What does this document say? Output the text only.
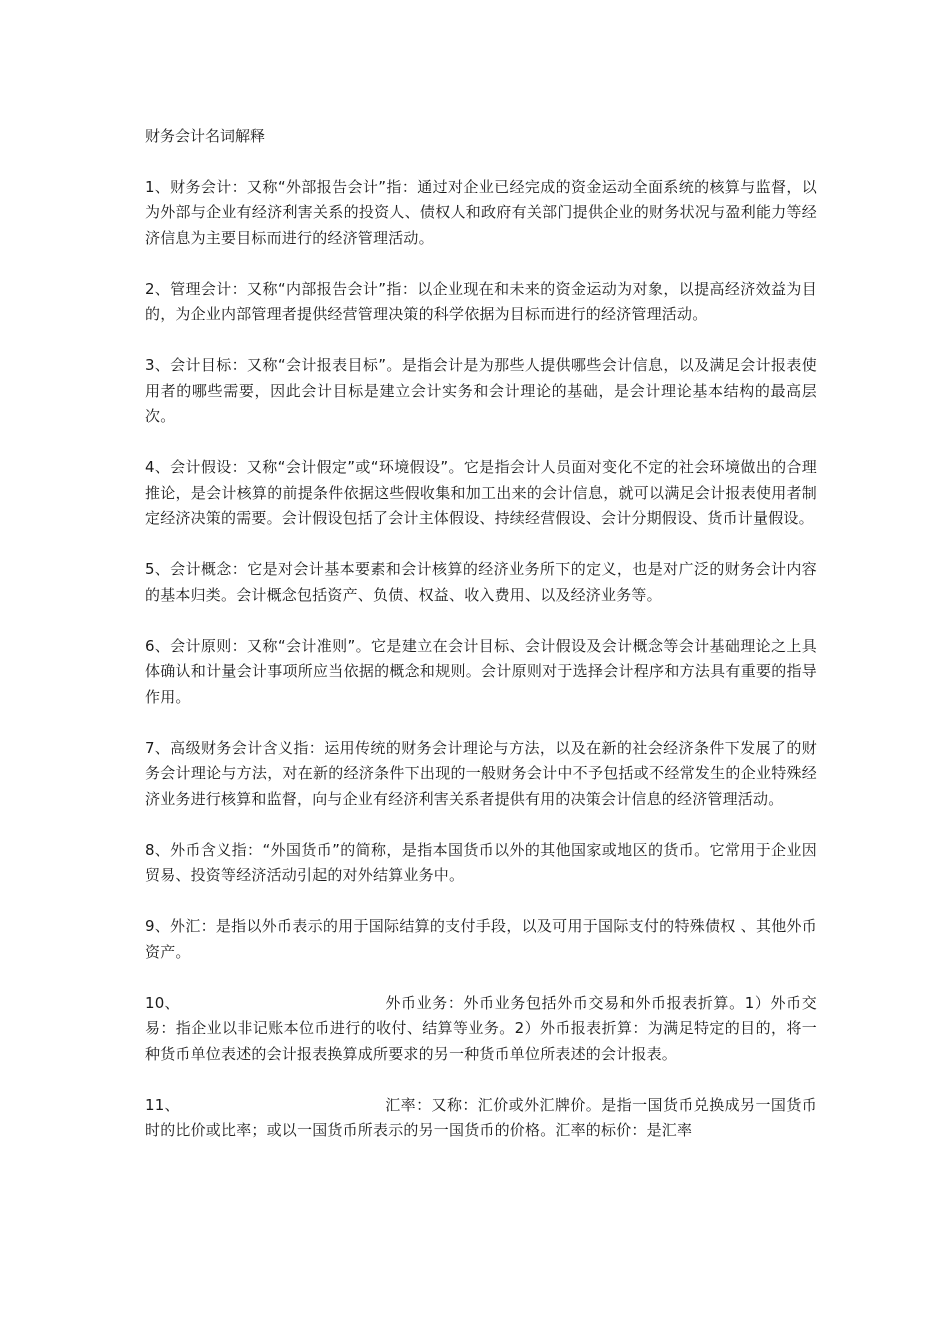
财务会计名词解释

1、财务会计：又称“外部报告会计”指：通过对企业已经完成的资金运动全面系统的核算与监督，以为外部与企业有经济利害关系的投资人、债权人和政府有关部门提供企业的财务状况与盈利能力等经济信息为主要目标而进行的经济管理活动。

2、管理会计：又称“内部报告会计”指：以企业现在和未来的资金运动为对象，以提高经济效益为目的，为企业内部管理者提供经营管理决策的科学依据为目标而进行的经济管理活动。

3、会计目标：又称“会计报表目标”。是指会计是为那些人提供哪些会计信息，以及满足会计报表使用者的哪些需要，因此会计目标是建立会计实务和会计理论的基础，是会计理论基本结构的最高层次。

4、会计假设：又称“会计假定”或“环境假设”。它是指会计人员面对变化不定的社会环境做出的合理推论，是会计核算的前提条件依据这些假收集和加工出来的会计信息，就可以满足会计报表使用者制定经济决策的需要。会计假设包括了会计主体假设、持续经营假设、会计分期假设、货币计量假设。

5、会计概念：它是对会计基本要素和会计核算的经济业务所下的定义，也是对广泛的财务会计内容的基本归类。会计概念包括资产、负债、权益、收入费用、以及经济业务等。

6、会计原则：又称“会计准则”。它是建立在会计目标、会计假设及会计概念等会计基础理论之上具体确认和计量会计事项所应当依据的概念和规则。会计原则对于选择会计程序和方法具有重要的指导作用。

7、高级财务会计含义指：运用传统的财务会计理论与方法，以及在新的社会经济条件下发展了的财务会计理论与方法，对在新的经济条件下出现的一般财务会计中不予包括或不经常发生的企业特殊经济业务进行核算和监督，向与企业有经济利害关系者提供有用的决策会计信息的经济管理活动。

8、外币含义指：“外国货币”的简称，是指本国货币以外的其他国家或地区的货币。它常用于企业因贸易、投资等经济活动引起的对外结算业务中。

9、外汇：是指以外币表示的用于国际结算的支付手段，以及可用于国际支付的特殊债权 、其他外币资产。

10、	外币业务：外币业务包括外币交易和外币报表折算。1）外币交易：指企业以非记账本位币进行的收付、结算等业务。2）外币报表折算：为满足特定的目的，将一种货币单位表述的会计报表换算成所要求的另一种货币单位所表述的会计报表。

11、	汇率：又称：汇价或外汇牌价。是指一国货币兑换成另一国货币时的比价或比率；或以一国货币所表示的另一国货币的价格。汇率的标价：是汇率
